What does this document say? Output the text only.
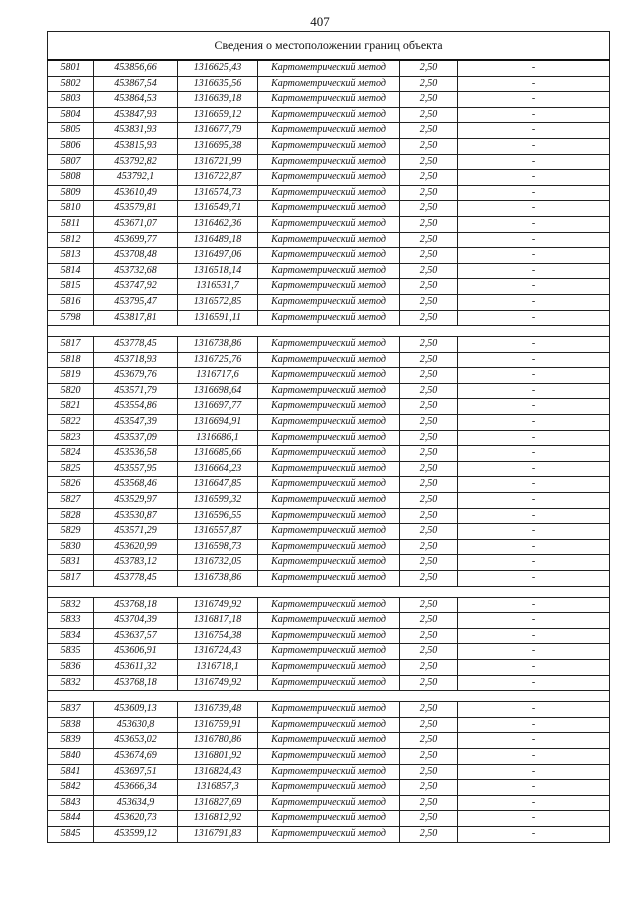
407
Сведения о местоположении границ объекта					
5801	453856,66	1316625,43	Картометрический метод	2,50	-
5802	453867,54	1316635,56	Картометрический метод	2,50	-
5803	453864,53	1316639,18	Картометрический метод	2,50	-
5804	453847,93	1316659,12	Картометрический метод	2,50	-
5805	453831,93	1316677,79	Картометрический метод	2,50	-
5806	453815,93	1316695,38	Картометрический метод	2,50	-
5807	453792,82	1316721,99	Картометрический метод	2,50	-
5808	453792,1	1316722,87	Картометрический метод	2,50	-
5809	453610,49	1316574,73	Картометрический метод	2,50	-
5810	453579,81	1316549,71	Картометрический метод	2,50	-
5811	453671,07	1316462,36	Картометрический метод	2,50	-
5812	453699,77	1316489,18	Картометрический метод	2,50	-
5813	453708,48	1316497,06	Картометрический метод	2,50	-
5814	453732,68	1316518,14	Картометрический метод	2,50	-
5815	453747,92	1316531,7	Картометрический метод	2,50	-
5816	453795,47	1316572,85	Картометрический метод	2,50	-
5798	453817,81	1316591,11	Картометрический метод	2,50	-

5817	453778,45	1316738,86	Картометрический метод	2,50	-
5818	453718,93	1316725,76	Картометрический метод	2,50	-
5819	453679,76	1316717,6	Картометрический метод	2,50	-
5820	453571,79	1316698,64	Картометрический метод	2,50	-
5821	453554,86	1316697,77	Картометрический метод	2,50	-
5822	453547,39	1316694,91	Картометрический метод	2,50	-
5823	453537,09	1316686,1	Картометрический метод	2,50	-
5824	453536,58	1316685,66	Картометрический метод	2,50	-
5825	453557,95	1316664,23	Картометрический метод	2,50	-
5826	453568,46	1316647,85	Картометрический метод	2,50	-
5827	453529,97	1316599,32	Картометрический метод	2,50	-
5828	453530,87	1316596,55	Картометрический метод	2,50	-
5829	453571,29	1316557,87	Картометрический метод	2,50	-
5830	453620,99	1316598,73	Картометрический метод	2,50	-
5831	453783,12	1316732,05	Картометрический метод	2,50	-
5817	453778,45	1316738,86	Картометрический метод	2,50	-

5832	453768,18	1316749,92	Картометрический метод	2,50	-
5833	453704,39	1316817,18	Картометрический метод	2,50	-
5834	453637,57	1316754,38	Картометрический метод	2,50	-
5835	453606,91	1316724,43	Картометрический метод	2,50	-
5836	453611,32	1316718,1	Картометрический метод	2,50	-
5832	453768,18	1316749,92	Картометрический метод	2,50	-

5837	453609,13	1316739,48	Картометрический метод	2,50	-
5838	453630,8	1316759,91	Картометрический метод	2,50	-
5839	453653,02	1316780,86	Картометрический метод	2,50	-
5840	453674,69	1316801,92	Картометрический метод	2,50	-
5841	453697,51	1316824,43	Картометрический метод	2,50	-
5842	453666,34	1316857,3	Картометрический метод	2,50	-
5843	453634,9	1316827,69	Картометрический метод	2,50	-
5844	453620,73	1316812,92	Картометрический метод	2,50	-
5845	453599,12	1316791,83	Картометрический метод	2,50	-
